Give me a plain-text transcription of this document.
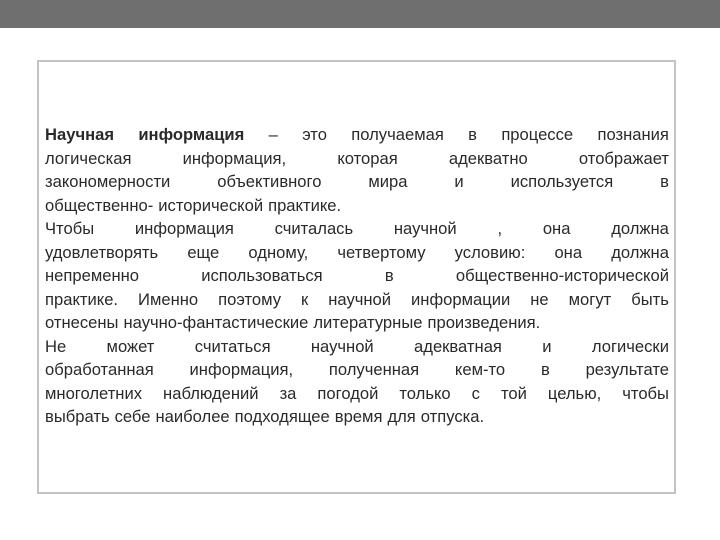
Научная информация – это получаемая в процессе познания
логическая	информация,	которая	адекватно	отображает
закономерности	объективного	мира	и	используется	в
общественно- исторической практике.
Чтобы информация считалась научной , она должна
удовлетворять еще одному, четвертому условию: она должна
непременно	использоваться	в	общественно-исторической
практике. Именно поэтому к научной информации не могут быть
отнесены научно-фантастические литературные произведения.
Не может считаться научной адекватная и логически
обработанная информация, полученная кем-то в результате
многолетних наблюдений за погодой только с той целью, чтобы
выбрать себе наиболее подходящее время для отпуска.
